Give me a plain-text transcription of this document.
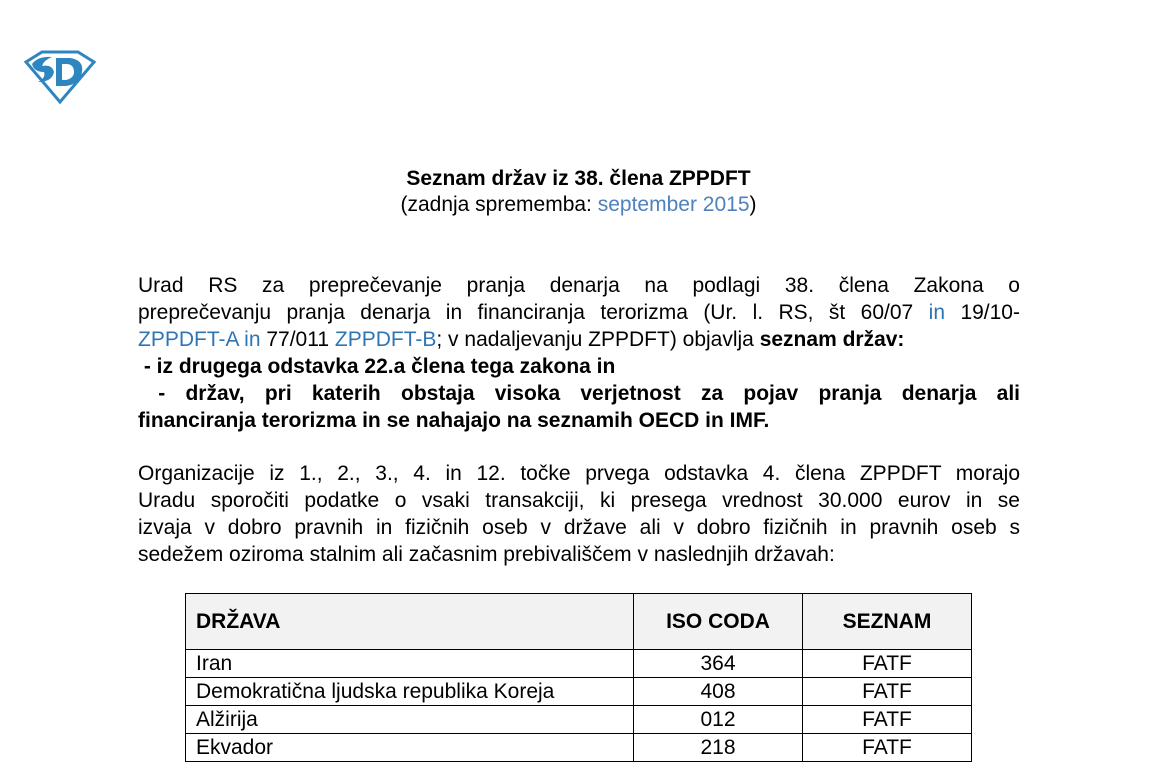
Seznam držav iz 38. člena ZPPDFT
(zadnja sprememba: september 2015)
Urad RS za preprečevanje pranja denarja na podlagi 38. člena Zakona o
preprečevanju pranja denarja in financiranja terorizma (Ur. l. RS, št 60/07 in 19/10-
ZPPDFT-A in 77/011 ZPPDFT-B; v nadaljevanju ZPPDFT) objavlja seznam držav:
- iz drugega odstavka 22.a člena tega zakona in
- držav, pri katerih obstaja visoka verjetnost za pojav pranja denarja ali
financiranja terorizma in se nahajajo na seznamih OECD in IMF.
Organizacije iz 1., 2., 3., 4. in 12. točke prvega odstavka 4. člena ZPPDFT morajo
Uradu sporočiti podatke o vsaki transakciji, ki presega vrednost 30.000 eurov in se
izvaja v dobro pravnih in fizičnih oseb v države ali v dobro fizičnih in pravnih oseb s
sedežem oziroma stalnim ali začasnim prebivališčem v naslednjih državah:
DRŽAVA	ISO CODA	SEZNAM
Iran	364	FATF
Demokratična ljudska republika Koreja	408	FATF
Alžirija	012	FATF
Ekvador	218	FATF
